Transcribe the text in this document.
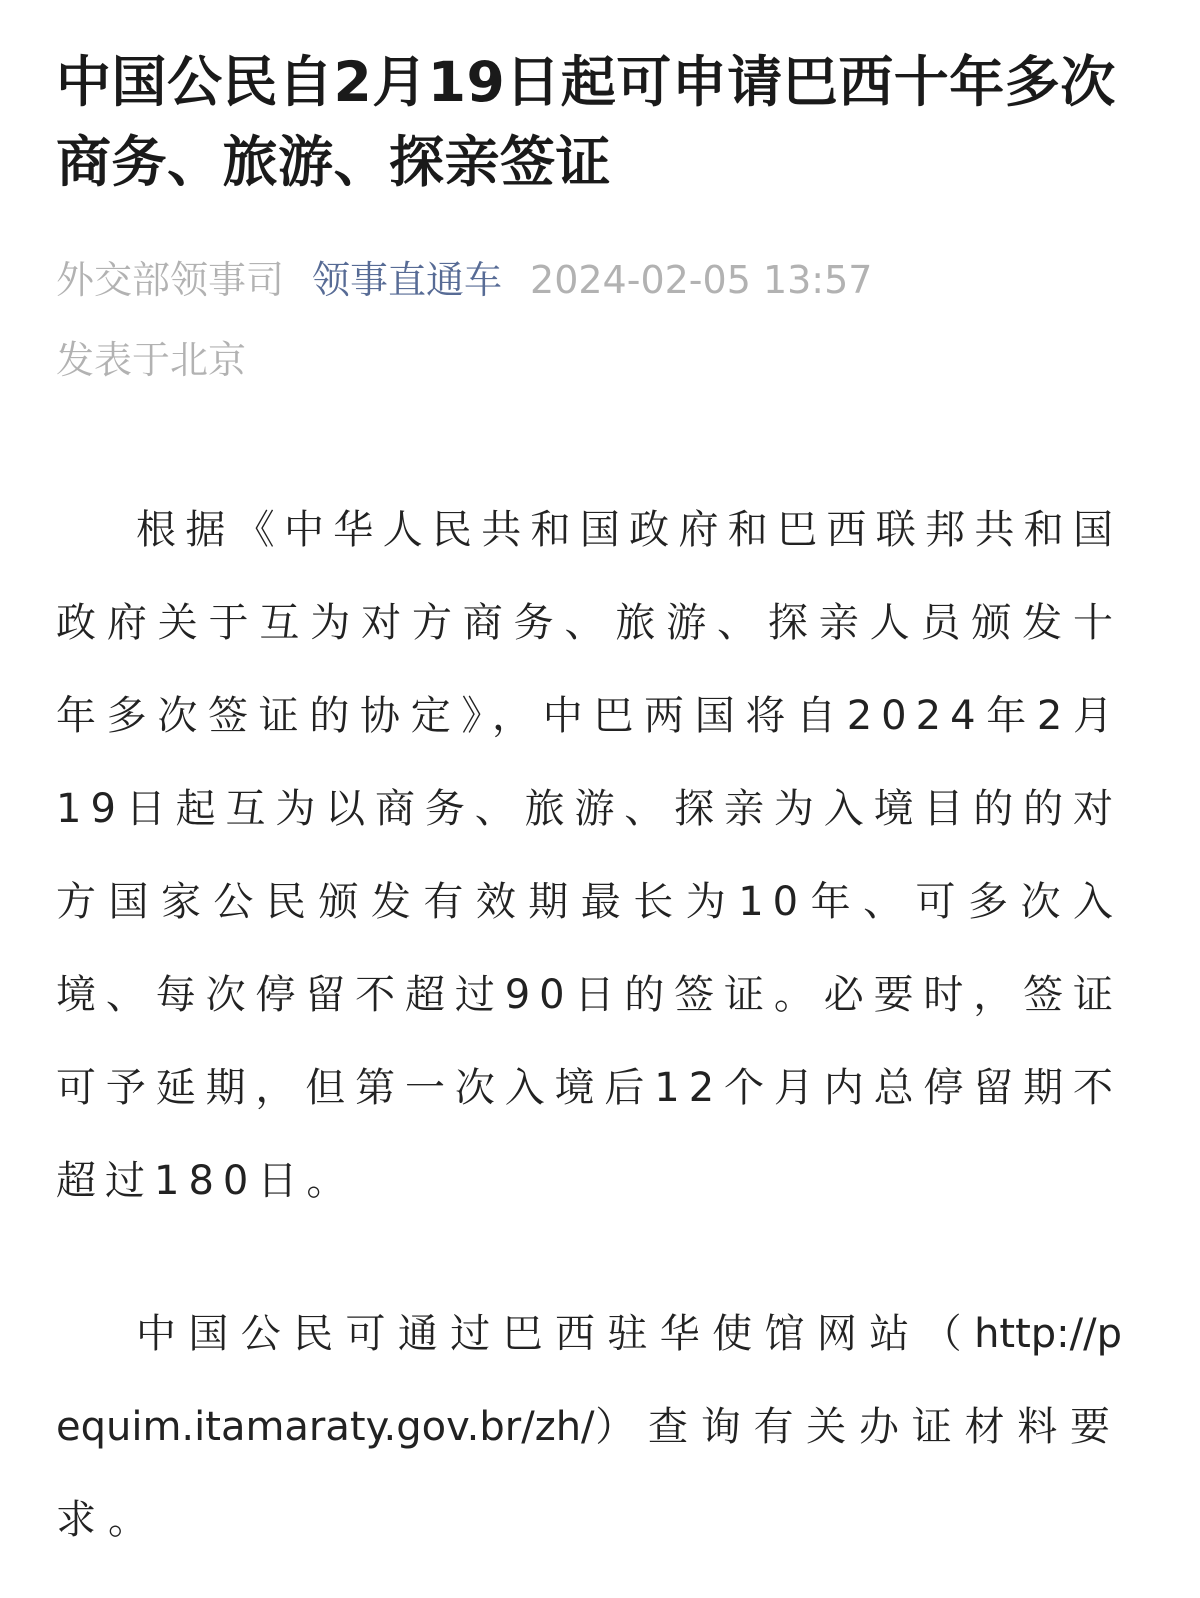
中国公民自2月19日起可申请巴西十年多次商务、旅游、探亲签证
外交部领事司 领事直通车 2024-02-05 13:57
发表于北京

根据《中华人民共和国政府和巴西联邦共和国政府关于互为对方商务、旅游、探亲人员颁发十年多次签证的协定》，中巴两国将自2024年2月19日起互为以商务、旅游、探亲为入境目的的对方国家公民颁发有效期最长为10年、可多次入境、每次停留不超过90日的签证。必要时，签证可予延期，但第一次入境后12个月内总停留期不超过180日。

中国公民可通过巴西驻华使馆网站（http://pequim.itamaraty.gov.br/zh/）查询有关办证材料要求。
